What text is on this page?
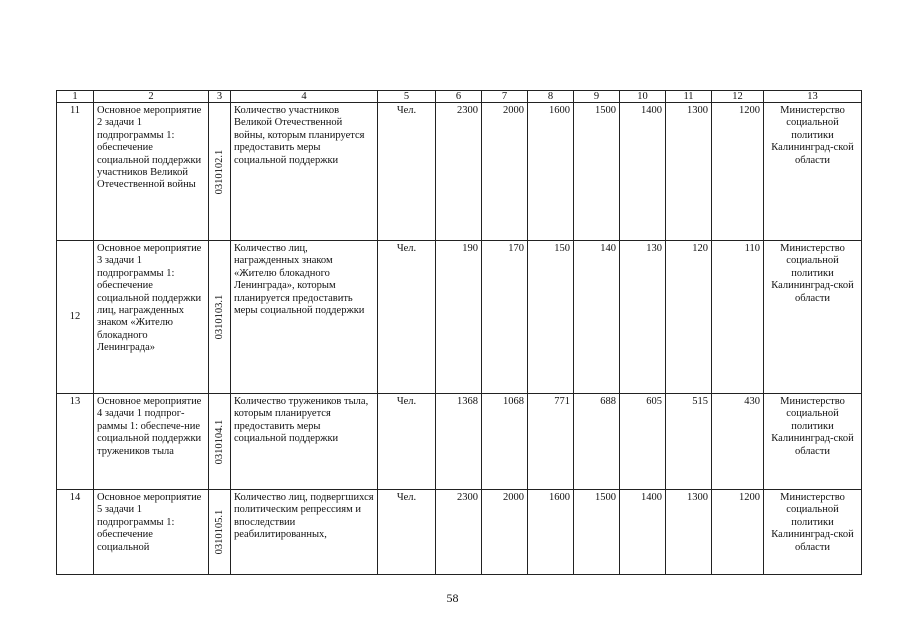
1	2	3	4	5	6	7	8	9	10	11	12	13
11	Основное мероприятие 2 задачи 1 подпрограммы 1: обеспечение социальной поддержки участников Великой Отечественной войны	0310102.1	Количество участников Великой Отечественной войны, которым планируется предоставить меры социальной поддержки	Чел.	2300	2000	1600	1500	1400	1300	1200	Министерство социальной политики Калининград-ской области
12	Основное мероприятие 3 задачи 1 подпрограммы 1: обеспечение социальной поддержки лиц, награжденных знаком «Жителю блокадного Ленинграда»	0310103.1	Количество лиц, награжденных знаком «Жителю блокадного Ленинграда», которым планируется предоставить меры социальной поддержки	Чел.	190	170	150	140	130	120	110	Министерство социальной политики Калининград-ской области
13	Основное мероприятие 4 задачи 1 подпрог-раммы 1: обеспече-ние социальной поддержки тружеников тыла	0310104.1	Количество тружеников тыла, которым планируется предоставить меры социальной поддержки	Чел.	1368	1068	771	688	605	515	430	Министерство социальной политики Калининград-ской области
14	Основное мероприятие 5 задачи 1 подпрограммы 1: обеспечение социальной	0310105.1	Количество лиц, подвергшихся политическим репрессиям и впоследствии реабилитированных,	Чел.	2300	2000	1600	1500	1400	1300	1200	Министерство социальной политики Калининград-ской области
58
